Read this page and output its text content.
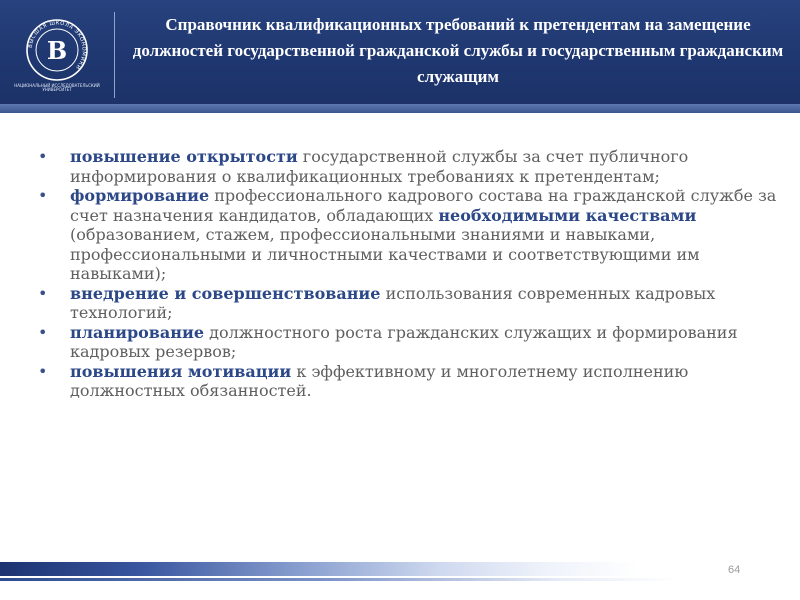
ВЫСШАЯ ШКОЛА ЭКОНОМИКИ
В
НАЦИОНАЛЬНЫЙ ИССЛЕДОВАТЕЛЬСКИЙ УНИВЕРСИТЕТ
Справочник квалификационных требований к претендентам на замещение должностей государственной гражданской службы и государственным гражданским служащим
• повышение открытости государственной службы за счет публичного информирования о квалификационных требованиях к претендентам;
• формирование профессионального кадрового состава на гражданской службе за счет назначения кандидатов, обладающих необходимыми качествами (образованием, стажем, профессиональными знаниями и навыками, профессиональными и личностными качествами и соответствующими им навыками);
• внедрение и совершенствование использования современных кадровых технологий;
• планирование должностного роста гражданских служащих и формирования кадровых резервов;
• повышения мотивации к эффективному и многолетнему исполнению должностных обязанностей.
64
